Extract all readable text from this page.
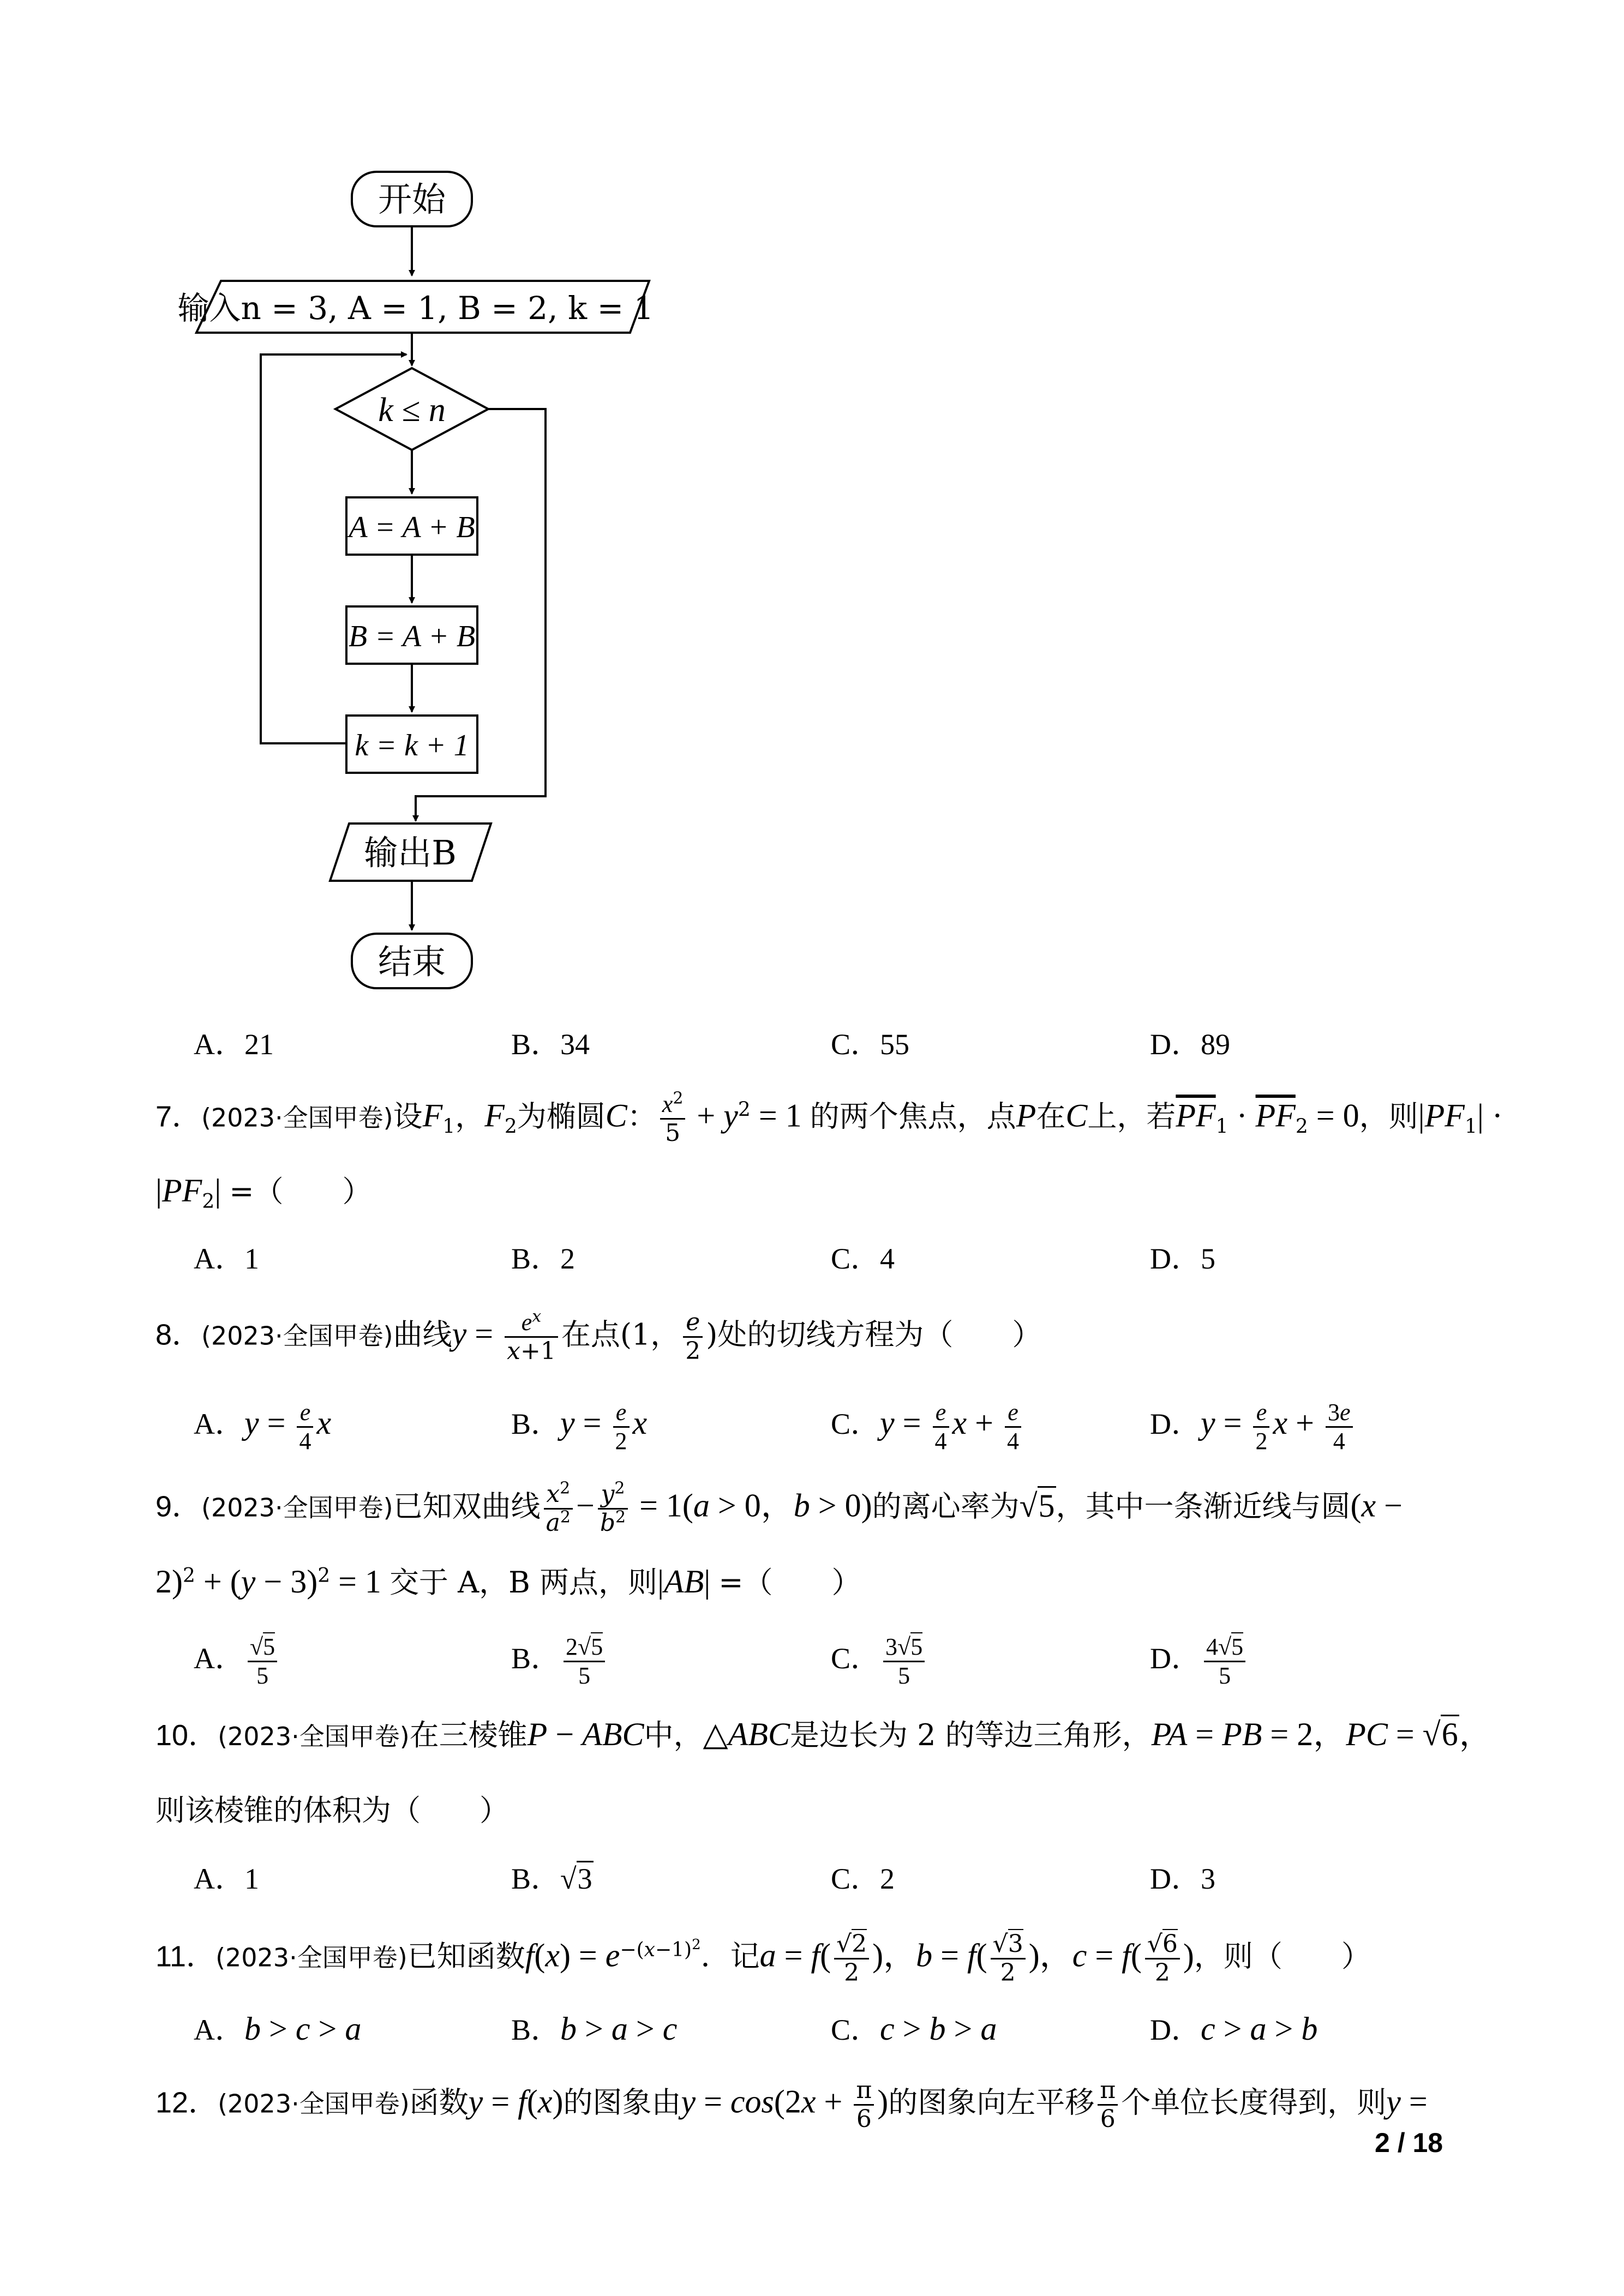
开始
输入n = 3, A = 1, B = 2, k = 1
k ≤ n
A = A + B
B = A + B
k = k + 1
输出B
结束
A．21	B．34	C．55	D．89
7．(2023·全国甲卷)设$F_1$，$F_2$为椭圆C： $\frac{x^2}{5} + y^2 = 1$ 的两个焦点，点P在C上，若$\overline{PF}_1 \cdot \overline{PF}_2 = 0$，则$|PF_1|$ ·
$|PF_2|$ =（　　）
A．1	B．2	C．4	D．5
8．(2023·全国甲卷)曲线$y = \frac{e^x}{x+1}$ 在点(1， $\frac{e}{2}$ )处的切线方程为（　　）
A．$y = \frac{e}{4}$ x	B．$y = \frac{e}{2}$ x	C．$y = \frac{e}{4}$ $x + \frac{e}{4}$	D．$y = \frac{e}{2}$ $x + \frac{3e}{4}$
9．(2023·全国甲卷)已知双曲线 $\frac{x^2}{a^2} - \frac{y^2}{b^2} = 1(a > 0$，b > 0)的离心率为√5，其中一条渐近线与圆(x −
$2)^2 + (y - 3)^2 = 1$ 交于 A，B 两点，则|AB| =（　　）
A． $\frac{√5}{5}$	B． $\frac{2√5}{5}$	C． $\frac{3√5}{5}$	D． $\frac{4√5}{5}$
10．(2023·全国甲卷)在三棱锥P − ABC中，△ABC是边长为 2 的等边三角形，PA = PB = 2，PC = √6，
则该棱锥的体积为（　　）
A．1	B．√3	C．2	D．3
11．(2023·全国甲卷)已知函数$f(x) = e^{-(x-1)^2}$．记$a = f( \frac{√2}{2}$ )，$b = f( \frac{√3}{2}$ )，$c = f( \frac{√6}{2}$ )，则（　　）
A．b > c > a	B．b > a > c	C．c > b > a	D．c > a > b
12．(2023·全国甲卷)函数y = f(x)的图象由$y = \cos(2x + \frac{\pi}{6}$ )的图象向左平移 $\frac{\pi}{6}$ 个单位长度得到，则y =
2 / 18
